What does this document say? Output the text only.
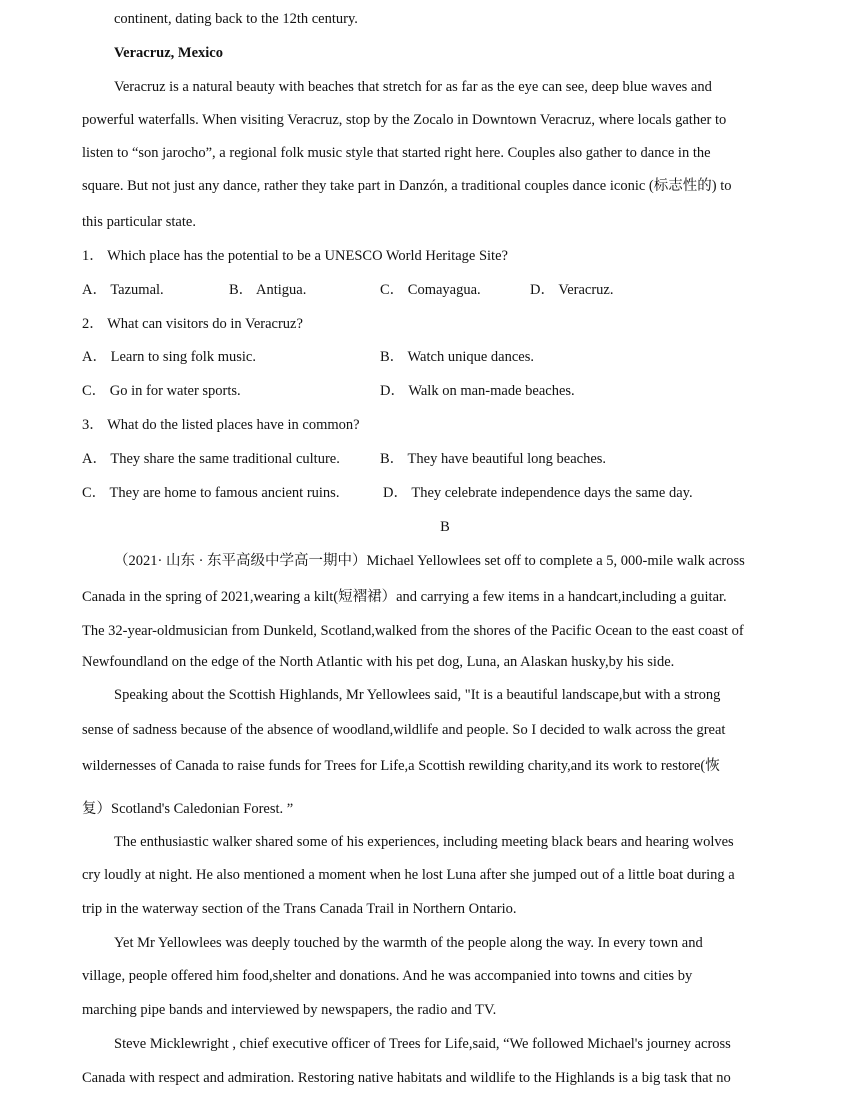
continent, dating back to the 12th century.
Veracruz, Mexico
Veracruz is a natural beauty with beaches that stretch for as far as the eye can see, deep blue waves and
powerful waterfalls. When visiting Veracruz, stop by the Zocalo in Downtown Veracruz, where locals gather to
listen to “son jarocho”, a regional folk music style that started right here. Couples also gather to dance in the
square. But not just any dance, rather they take part in Danzón, a traditional couples dance iconic (标志性的) to
this particular state.
1． Which place has the potential to be a UNESCO World Heritage Site?
A． Tazumal.	B． Antigua.	C． Comayagua.	D． Veracruz.
2． What can visitors do in Veracruz?
A． Learn to sing folk music.	B． Watch unique dances.
C． Go in for water sports.	D． Walk on man-made beaches.
3． What do the listed places have in common?
A． They share the same traditional culture.	B． They have beautiful long beaches.
C． They are home to famous ancient ruins.	D． They celebrate independence days the same day.
B
（2021· 山东 · 东平高级中学高一期中）Michael Yellowlees set off to complete a 5, 000-mile walk across
Canada in the spring of 2021,wearing a kilt(短褶裙）and carrying a few items in a handcart,including a guitar.
The 32-year-oldmusician from Dunkeld, Scotland,walked from the shores of the Pacific Ocean to the east coast of
Newfoundland on the edge of the North Atlantic with his pet dog, Luna, an Alaskan husky,by his side.
Speaking about the Scottish Highlands, Mr Yellowlees said, "It is a beautiful landscape,but with a strong
sense of sadness because of the absence of woodland,wildlife and people. So I decided to walk across the great
wildernesses of Canada to raise funds for Trees for Life,a Scottish rewilding charity,and its work to restore(恢
复）Scotland's Caledonian Forest. ”
The enthusiastic walker shared some of his experiences, including meeting black bears and hearing wolves
cry loudly at night. He also mentioned a moment when he lost Luna after she jumped out of a little boat during a
trip in the waterway section of the Trans Canada Trail in Northern Ontario.
Yet Mr Yellowlees was deeply touched by the warmth of the people along the way. In every town and
village, people offered him food,shelter and donations. And he was accompanied into towns and cities by
marching pipe bands and interviewed by newspapers, the radio and TV.
Steve Micklewright , chief executive officer of Trees for Life,said, “We followed Michael's journey across
Canada with respect and admiration. Restoring native habitats and wildlife to the Highlands is a big task that no
